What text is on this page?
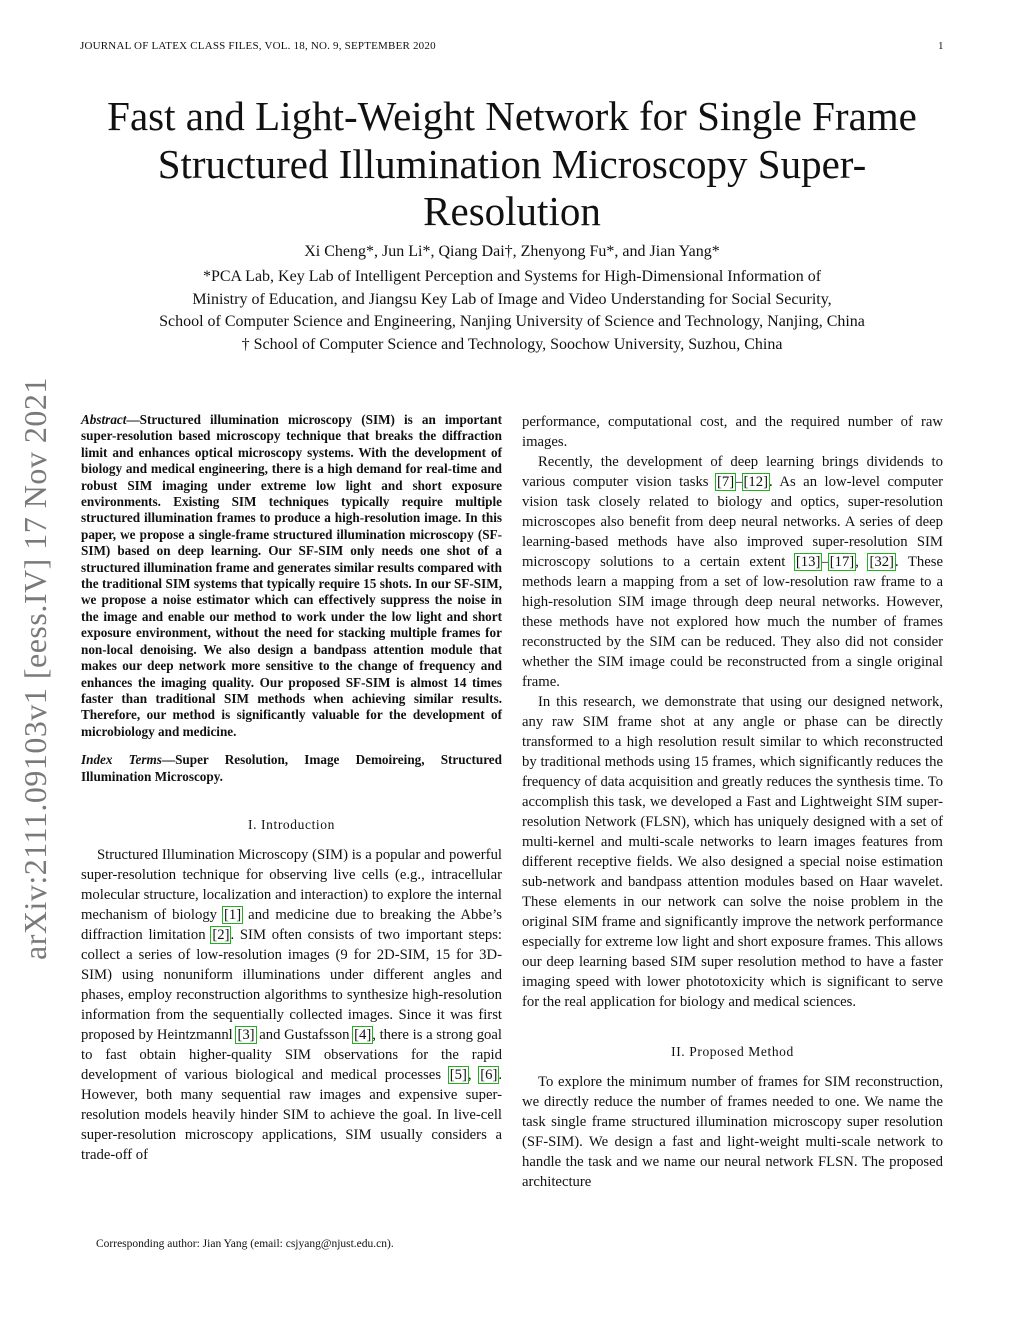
JOURNAL OF LATEX CLASS FILES, VOL. 18, NO. 9, SEPTEMBER 2020	1
arXiv:2111.09103v1 [eess.IV] 17 Nov 2021
Fast and Light-Weight Network for Single Frame Structured Illumination Microscopy Super-Resolution
Xi Cheng*, Jun Li*, Qiang Dai†, Zhenyong Fu*, and Jian Yang*
*PCA Lab, Key Lab of Intelligent Perception and Systems for High-Dimensional Information of
Ministry of Education, and Jiangsu Key Lab of Image and Video Understanding for Social Security,
School of Computer Science and Engineering, Nanjing University of Science and Technology, Nanjing, China
† School of Computer Science and Technology, Soochow University, Suzhou, China
Abstract—Structured illumination microscopy (SIM) is an important super-resolution based microscopy technique that breaks the diffraction limit and enhances optical microscopy systems. With the development of biology and medical engineering, there is a high demand for real-time and robust SIM imaging under extreme low light and short exposure environments. Existing SIM techniques typically require multiple structured illumination frames to produce a high-resolution image. In this paper, we propose a single-frame structured illumination microscopy (SF-SIM) based on deep learning. Our SF-SIM only needs one shot of a structured illumination frame and generates similar results compared with the traditional SIM systems that typically require 15 shots. In our SF-SIM, we propose a noise estimator which can effectively suppress the noise in the image and enable our method to work under the low light and short exposure environment, without the need for stacking multiple frames for non-local denoising. We also design a bandpass attention module that makes our deep network more sensitive to the change of frequency and enhances the imaging quality. Our proposed SF-SIM is almost 14 times faster than traditional SIM methods when achieving similar results. Therefore, our method is significantly valuable for the development of microbiology and medicine.
Index Terms—Super Resolution, Image Demoireing, Structured Illumination Microscopy.
I. Introduction

Structured Illumination Microscopy (SIM) is a popular and powerful super-resolution technique for observing live cells (e.g., intracellular molecular structure, localization and interaction) to explore the internal mechanism of biology [1] and medicine due to breaking the Abbe’s diffraction limitation [2]. SIM often consists of two important steps: collect a series of low-resolution images (9 for 2D-SIM, 15 for 3D-SIM) using nonuniform illuminations under different angles and phases, employ reconstruction algorithms to synthesize high-resolution information from the sequentially collected images. Since it was first proposed by Heintzmannl [3] and Gustafsson [4], there is a strong goal to fast obtain higher-quality SIM observations for the rapid development of various biological and medical processes [5], [6]. However, both many sequential raw images and expensive super-resolution models heavily hinder SIM to achieve the goal. In live-cell super-resolution microscopy applications, SIM usually considers a trade-off of

Corresponding author: Jian Yang (email: csjyang@njust.edu.cn).

performance, computational cost, and the required number of raw images.

Recently, the development of deep learning brings dividends to various computer vision tasks [7]–[12]. As an low-level computer vision task closely related to biology and optics, super-resolution microscopes also benefit from deep neural networks. A series of deep learning-based methods have also improved super-resolution SIM microscopy solutions to a certain extent [13]–[17], [32]. These methods learn a mapping from a set of low-resolution raw frame to a high-resolution SIM image through deep neural networks. However, these methods have not explored how much the number of frames reconstructed by the SIM can be reduced. They also did not consider whether the SIM image could be reconstructed from a single original frame.

In this research, we demonstrate that using our designed network, any raw SIM frame shot at any angle or phase can be directly transformed to a high resolution result similar to which reconstructed by traditional methods using 15 frames, which significantly reduces the frequency of data acquisition and greatly reduces the synthesis time. To accomplish this task, we developed a Fast and Lightweight SIM super-resolution Network (FLSN), which has uniquely designed with a set of multi-kernel and multi-scale networks to learn images features from different receptive fields. We also designed a special noise estimation sub-network and bandpass attention modules based on Haar wavelet. These elements in our network can solve the noise problem in the original SIM frame and significantly improve the network performance especially for extreme low light and short exposure frames. This allows our deep learning based SIM super resolution method to have a faster imaging speed with lower phototoxicity which is significant to serve for the real application for biology and medical sciences.

II. Proposed Method

To explore the minimum number of frames for SIM reconstruction, we directly reduce the number of frames needed to one. We name the task single frame structured illumination microscopy super resolution (SF-SIM). We design a fast and light-weight multi-scale network to handle the task and we name our neural network FLSN. The proposed architecture
